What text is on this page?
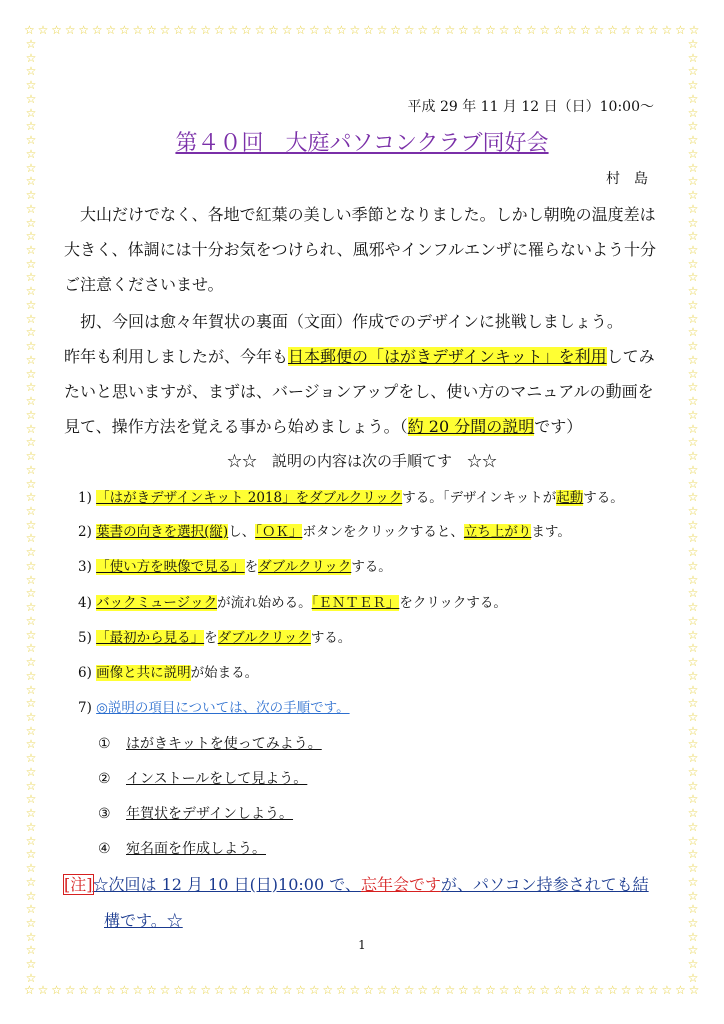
☆ ☆ ☆ ☆ ☆ ☆ ☆ ☆ ☆ ☆ ☆ ☆ ☆ ☆ ☆ ☆ ☆ ☆ ☆ ☆ ☆ ☆ ☆ ☆ ☆ ☆ ☆ ☆ ☆ ☆ ☆ ☆ ☆ ☆ ☆ ☆ ☆ ☆ ☆ ☆ ☆ ☆ ☆ ☆ ☆ ☆ ☆ ☆ ☆ ☆
☆ ☆ ☆ ☆ ☆ ☆ ☆ ☆ ☆ ☆ ☆ ☆ ☆ ☆ ☆ ☆ ☆ ☆ ☆ ☆ ☆ ☆ ☆ ☆ ☆ ☆ ☆ ☆ ☆ ☆ ☆ ☆ ☆ ☆ ☆ ☆ ☆ ☆ ☆ ☆ ☆ ☆ ☆ ☆ ☆ ☆ ☆ ☆ ☆ ☆
☆
☆
☆
☆
☆
☆
☆
☆
☆
☆
☆
☆
☆
☆
☆
☆
☆
☆
☆
☆
☆
☆
☆
☆
☆
☆
☆
☆
☆
☆
☆
☆
☆
☆
☆
☆
☆
☆
☆
☆
☆
☆
☆
☆
☆
☆
☆
☆
☆
☆
☆
☆
☆
☆
☆
☆
☆
☆
☆
☆
☆
☆
☆
☆
☆
☆
☆
☆
☆
☆
☆
☆
☆
☆
☆
☆
☆
☆
☆
☆
☆
☆
☆
☆
☆
☆
☆
☆
☆
☆
☆
☆
☆
☆
☆
☆
☆
☆
☆
☆
☆
☆
☆
☆
☆
☆
☆
☆
☆
☆
☆
☆
☆
☆
☆
☆
☆
☆
☆
☆
☆
☆
☆
☆
☆
☆
☆
☆
☆
☆
☆
☆
☆
☆
☆
☆
☆
☆
平成 29 年 11 月 12 日（日）10:00～
第４０回　大庭パソコンクラブ同好会
村　島
大山だけでなく、各地で紅葉の美しい季節となりました。しかし朝晩の温度差は大きく、体調には十分お気をつけられ、風邪やインフルエンザに罹らないよう十分ご注意くださいませ。
扨、今回は愈々年賀状の裏面（文面）作成でのデザインに挑戦しましょう。昨年も利用しましたが、今年も日本郵便の「はがきデザインキット」を利用してみたいと思いますが、まずは、バージョンアップをし、使い方のマニュアルの動画を見て、操作方法を覚える事から始めましょう。（約 20 分間の説明です）
☆☆　説明の内容は次の手順てす　☆☆
1) 「はがきデザインキット 2018」をダブルクリックする。「デザインキットが起動する。
2) 葉書の向きを選択(縦)し、「ＯＫ」ボタンをクリックすると、立ち上がります。
3) 「使い方を映像で見る」をダブルクリックする。
4) バックミュージックが流れ始める。「ＥＮＴＥＲ」をクリックする。
5) 「最初から見る」をダブルクリックする。
6) 画像と共に説明が始まる。
7) ◎説明の項目については、次の手順です。
① はがきキットを使ってみよう。
② インストールをして見よう。
③ 年賀状をデザインしよう。
④ 宛名面を作成しよう。
[注]☆次回は 12 月 10 日(日)10:00 で、忘年会ですが、パソコン持参されても結
構です。☆
1
